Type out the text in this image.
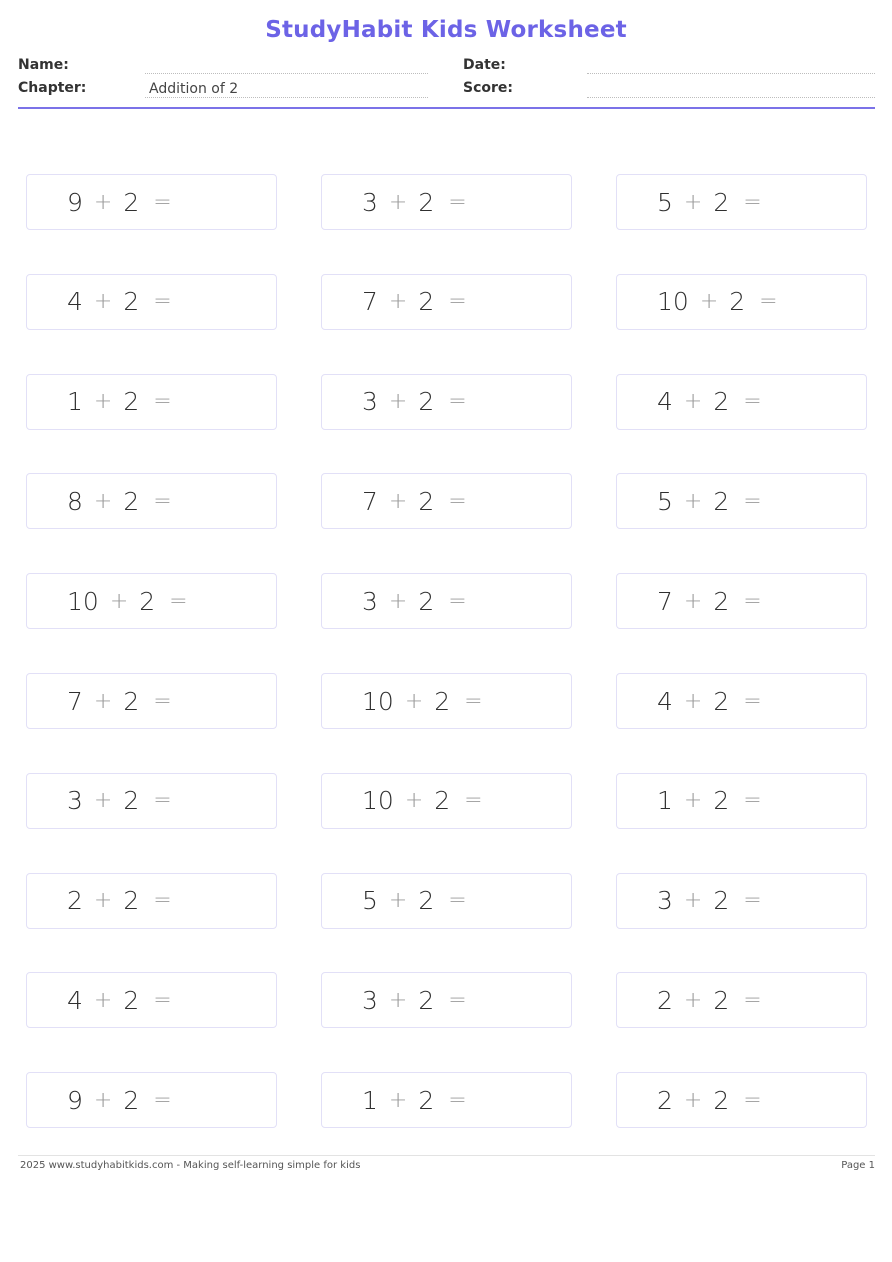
StudyHabit Kids Worksheet
Name:
Chapter:	Addition of 2
Date:
Score:
9 + 2 =	3 + 2 =	5 + 2 =
4 + 2 =	7 + 2 =	10 + 2 =
1 + 2 =	3 + 2 =	4 + 2 =
8 + 2 =	7 + 2 =	5 + 2 =
10 + 2 =	3 + 2 =	7 + 2 =
7 + 2 =	10 + 2 =	4 + 2 =
3 + 2 =	10 + 2 =	1 + 2 =
2 + 2 =	5 + 2 =	3 + 2 =
4 + 2 =	3 + 2 =	2 + 2 =
9 + 2 =	1 + 2 =	2 + 2 =
2025 www.studyhabitkids.com - Making self-learning simple for kids	Page 1
